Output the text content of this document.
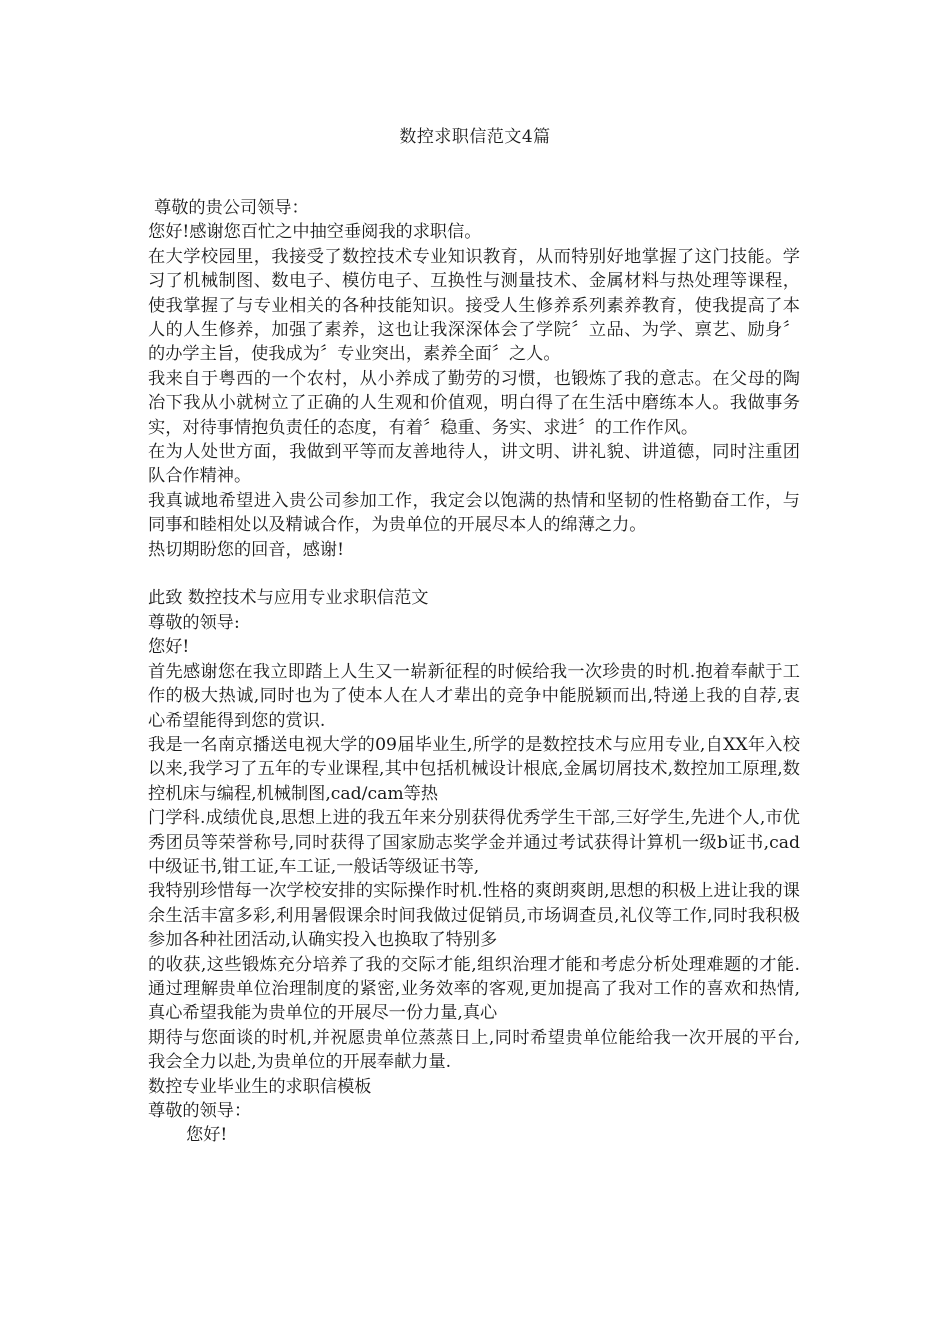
数控求职信范文4篇

尊敬的贵公司领导：

您好!感谢您百忙之中抽空垂阅我的求职信。

在大学校园里，我接受了数控技术专业知识教育，从而特别好地掌握了这门技能。学习了机械制图、数电子、模仿电子、互换性与测量技术、金属材料与热处理等课程，使我掌握了与专业相关的各种技能知识。接受人生修养系列素养教育，使我提高了本人的人生修养，加强了素养，这也让我深深体会了学院〞立品、为学、禀艺、励身〞的办学主旨，使我成为〞专业突出，素养全面〞之人。

我来自于粤西的一个农村，从小养成了勤劳的习惯，也锻炼了我的意志。在父母的陶冶下我从小就树立了正确的人生观和价值观，明白得了在生活中磨练本人。我做事务实，对待事情抱负责任的态度，有着〞稳重、务实、求进〞的工作作风。

在为人处世方面，我做到平等而友善地待人，讲文明、讲礼貌、讲道德，同时注重团队合作精神。

我真诚地希望进入贵公司参加工作，我定会以饱满的热情和坚韧的性格勤奋工作，与同事和睦相处以及精诚合作，为贵单位的开展尽本人的绵薄之力。

热切期盼您的回音，感谢!

此致 数控技术与应用专业求职信范文

尊敬的领导:

您好!

首先感谢您在我立即踏上人生又一崭新征程的时候给我一次珍贵的时机.抱着奉献于工作的极大热诚,同时也为了使本人在人才辈出的竞争中能脱颖而出,特递上我的自荐,衷心希望能得到您的赏识.

我是一名南京播送电视大学的09届毕业生,所学的是数控技术与应用专业,自XX年入校以来,我学习了五年的专业课程,其中包括机械设计根底,金属切屑技术,数控加工原理,数控机床与编程,机械制图,cad/cam等热

门学科.成绩优良,思想上进的我五年来分别获得优秀学生干部,三好学生,先进个人,市优秀团员等荣誉称号,同时获得了国家励志奖学金并通过考试获得计算机一级b证书,cad中级证书,钳工证,车工证,一般话等级证书等,

我特别珍惜每一次学校安排的实际操作时机.性格的爽朗爽朗,思想的积极上进让我的课余生活丰富多彩,利用暑假课余时间我做过促销员,市场调查员,礼仪等工作,同时我积极参加各种社团活动,认确实投入也换取了特别多

的收获,这些锻炼充分培养了我的交际才能,组织治理才能和考虑分析处理难题的才能.通过理解贵单位治理制度的紧密,业务效率的客观,更加提高了我对工作的喜欢和热情,真心希望我能为贵单位的开展尽一份力量,真心

期待与您面谈的时机,并祝愿贵单位蒸蒸日上,同时希望贵单位能给我一次开展的平台,我会全力以赴,为贵单位的开展奉献力量.

数控专业毕业生的求职信模板

尊敬的领导：

您好!
